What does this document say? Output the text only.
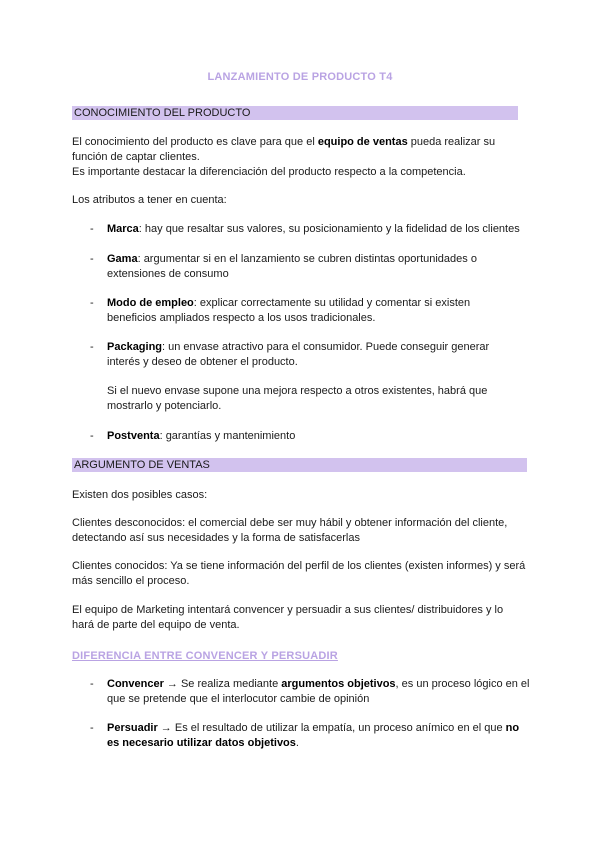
LANZAMIENTO DE PRODUCTO T4
CONOCIMIENTO DEL PRODUCTO

El conocimiento del producto es clave para que el equipo de ventas pueda realizar su función de captar clientes.
Es importante destacar la diferenciación del producto respecto a la competencia.

Los atributos a tener en cuenta:

- Marca: hay que resaltar sus valores, su posicionamiento y la fidelidad de los clientes
- Gama: argumentar si en el lanzamiento se cubren distintas oportunidades o extensiones de consumo
- Modo de empleo: explicar correctamente su utilidad y comentar si existen beneficios ampliados respecto a los usos tradicionales.
- Packaging: un envase atractivo para el consumidor. Puede conseguir generar interés y deseo de obtener el producto.
Si el nuevo envase supone una mejora respecto a otros existentes, habrá que mostrarlo y potenciarlo.
- Postventa: garantías y mantenimiento
ARGUMENTO DE VENTAS

Existen dos posibles casos:

Clientes desconocidos: el comercial debe ser muy hábil y obtener información del cliente, detectando así sus necesidades y la forma de satisfacerlas

Clientes conocidos: Ya se tiene información del perfil de los clientes (existen informes) y será más sencillo el proceso.

El equipo de Marketing intentará convencer y persuadir a sus clientes/ distribuidores y lo hará de parte del equipo de venta.

DIFERENCIA ENTRE CONVENCER Y PERSUADIR
- Convencer → Se realiza mediante argumentos objetivos, es un proceso lógico en el que se pretende que el interlocutor cambie de opinión
- Persuadir → Es el resultado de utilizar la empatía, un proceso anímico en el que no es necesario utilizar datos objetivos.
